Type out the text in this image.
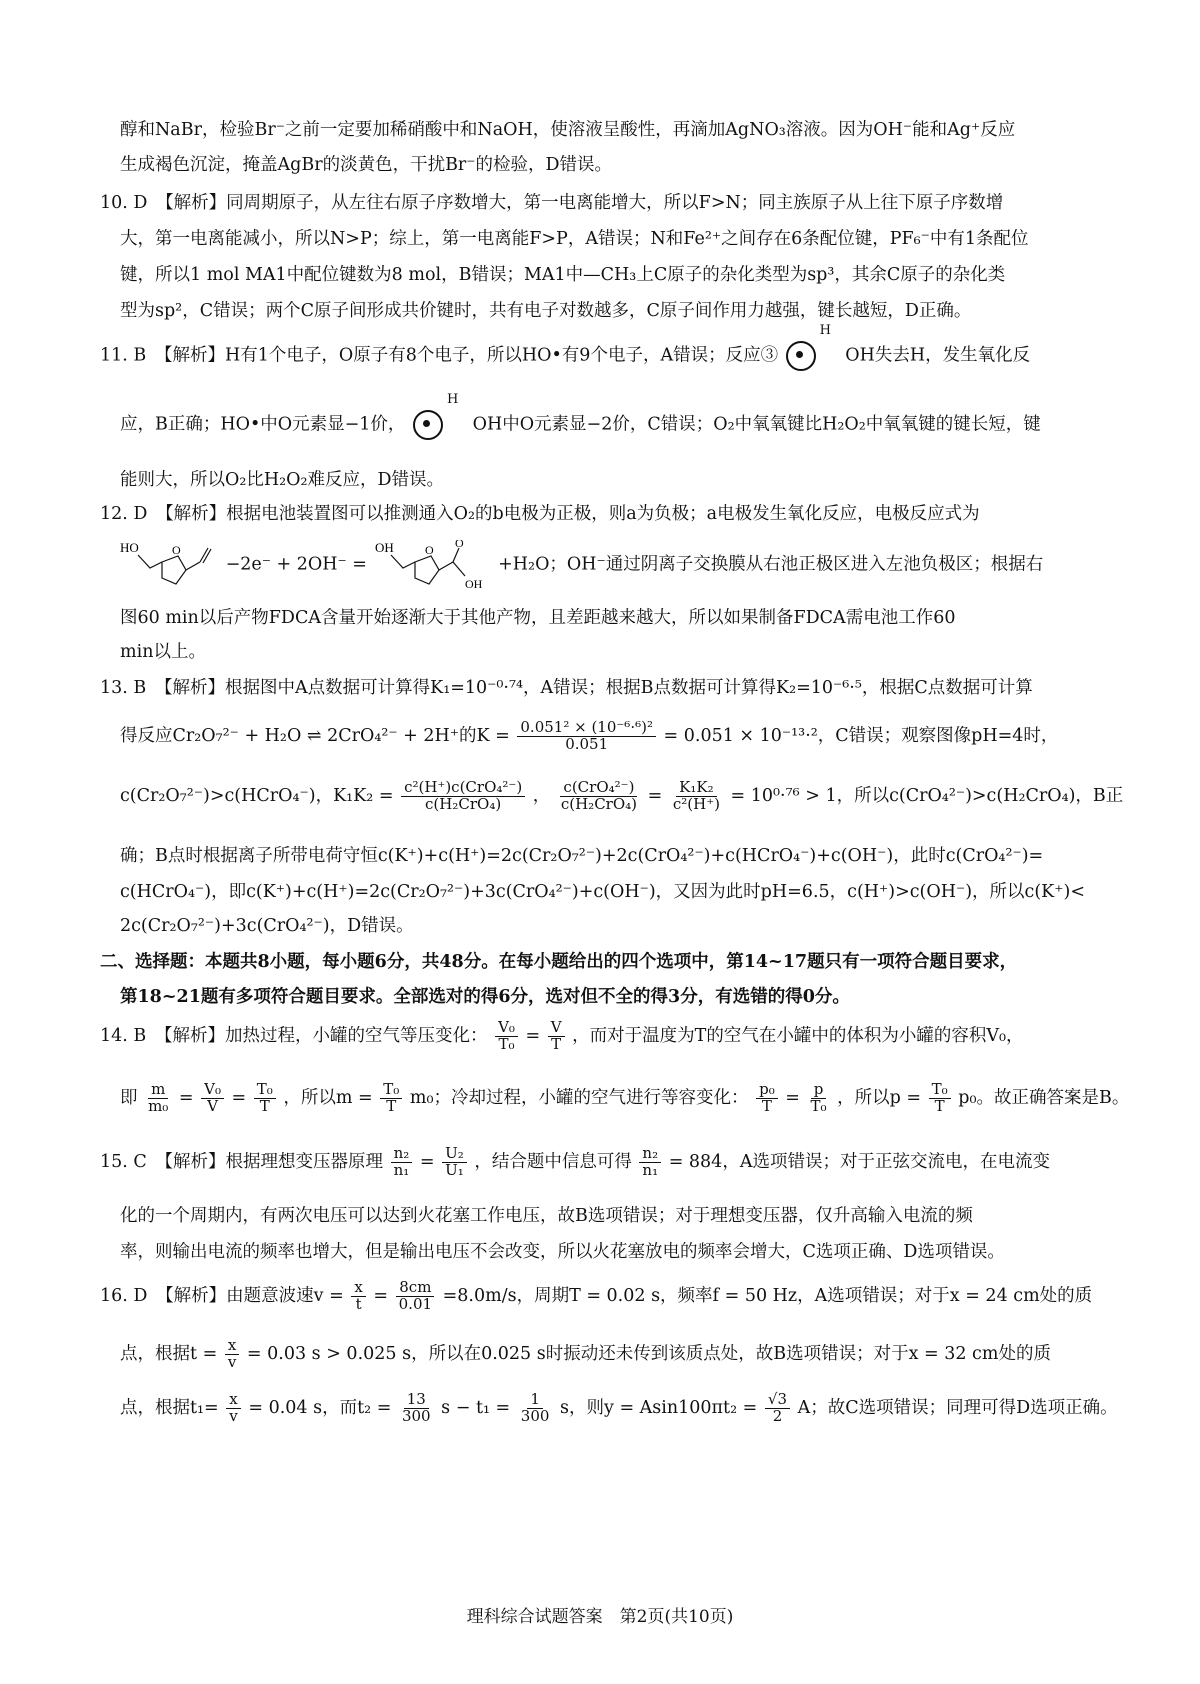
醇和NaBr，检验Br⁻之前一定要加稀硝酸中和NaOH，使溶液呈酸性，再滴加AgNO₃溶液。因为OH⁻能和Ag⁺反应
生成褐色沉淀，掩盖AgBr的淡黄色，干扰Br⁻的检验，D错误。
10. D　【解析】同周期原子，从左往右原子序数增大，第一电离能增大，所以F>N；同主族原子从上往下原子序数增
大，第一电离能减小，所以N>P；综上，第一电离能F>P，A错误；N和Fe²⁺之间存在6条配位键，PF₆⁻中有1条配位
键，所以1 mol MA1中配位键数为8 mol，B错误；MA1中—CH₃上C原子的杂化类型为sp³，其余C原子的杂化类
型为sp²，C错误；两个C原子间形成共价键时，共有电子对数越多，C原子间作用力越强，键长越短，D正确。
11. B　【解析】H有1个电子，O原子有8个电子，所以HO•有9个电子，A错误；反应③
H
OH失去H，发生氧化反
应，B正确；HO•中O元素显−1价，
H
OH中O元素显−2价，C错误；O₂中氧氧键比H₂O₂中氧氧键的键长短，键
能则大，所以O₂比H₂O₂难反应，D错误。
12. D　【解析】根据电池装置图可以推测通入O₂的b电极为正极，则a为负极；a电极发生氧化反应，电极反应式为
HO	O
−2e⁻ + 2OH⁻ =
OH	O O
OH
+H₂O；OH⁻通过阴离子交换膜从右池正极区进入左池负极区；根据右
图60 min以后产物FDCA含量开始逐渐大于其他产物，且差距越来越大，所以如果制备FDCA需电池工作60
min以上。
13. B　【解析】根据图中A点数据可计算得K₁=10⁻⁰·⁷⁴，A错误；根据B点数据可计算得K₂=10⁻⁶·⁵，根据C点数据可计算
得反应Cr₂O₇²⁻ + H₂O ⇌ 2CrO₄²⁻ + 2H⁺的$K = \frac{\text{0.051² × (10⁻⁶·⁶)²}}{0.051} = 0.051 \times 10^{-13}\cdot^2$，C错误；观察图像pH=4时，
c(Cr₂O₇²⁻)>c(HCrO₄⁻)，$K_1K_2 = \frac{\text{c²(H⁺)c(CrO₄²⁻)}}{\text{c(H₂CrO₄)}}$ ， $\frac{\text{c(CrO₄²⁻)}}{\text{c(H₂CrO₄)}} = \frac{\text{K₁K₂}}{\text{c²(H⁺)}} = 10^0\cdot^{76} > 1$，所以c(CrO₄²⁻)>c(H₂CrO₄)，B正
确；B点时根据离子所带电荷守恒c(K⁺)+c(H⁺)=2c(Cr₂O₇²⁻)+2c(CrO₄²⁻)+c(HCrO₄⁻)+c(OH⁻)，此时c(CrO₄²⁻)=
c(HCrO₄⁻)，即c(K⁺)+c(H⁺)=2c(Cr₂O₇²⁻)+3c(CrO₄²⁻)+c(OH⁻)，又因为此时pH=6.5，c(H⁺)>c(OH⁻)，所以c(K⁺)<
2c(Cr₂O₇²⁻)+3c(CrO₄²⁻)，D错误。
二、选择题：本题共8小题，每小题6分，共48分。在每小题给出的四个选项中，第14~17题只有一项符合题目要求，
第18~21题有多项符合题目要求。全部选对的得6分，选对但不全的得3分，有选错的得0分。
14. B　【解析】加热过程，小罐的空气等压变化： $\frac{\text{V₀}}{\text{T₀}} = \frac{V}{T}$ ，而对于温度为T的空气在小罐中的体积为小罐的容积V₀，
即 $\frac{m}{\text{m₀}} = \frac{\text{V₀}}{V} = \frac{\text{T₀}}{T}$ ，所以$m = \frac{\text{T₀}}{T} m_0$；冷却过程，小罐的空气进行等容变化： $\frac{\text{p₀}}{T} = \frac{p}{\text{T₀}}$ ，所以$p = \frac{\text{T₀}}{T} p_0$。故正确答案是B。
15. C　【解析】根据理想变压器原理 $\frac{\text{n₂}}{\text{n₁}} = \frac{\text{U₂}}{\text{U₁}}$ ，结合题中信息可得 $\frac{\text{n₂}}{\text{n₁}} = 884$，A选项错误；对于正弦交流电，在电流变
化的一个周期内，有两次电压可以达到火花塞工作电压，故B选项错误；对于理想变压器，仅升高输入电流的频
率，则输出电流的频率也增大，但是输出电压不会改变，所以火花塞放电的频率会增大，C选项正确、D选项错误。
16. D　【解析】由题意波速$v = \frac{x}{t} = \frac{8cm}{0.01} =8.0m/s$，周期T = 0.02 s，频率f = 50 Hz，A选项错误；对于x = 24 cm处的质
点，根据$t = \frac{x}{v} = 0.03$ s > 0.025 s，所以在0.025 s时振动还未传到该质点处，故B选项错误；对于x = 32 cm处的质
点，根据$t_1= \frac{x}{v} = 0.04$ s，而$t_2 = \frac{13}{300}$ $s - t_1 = \frac{1}{300}$ s，则$y = Asin100\pi t_2 = \frac{√3}{2}$ A；故C选项错误；同理可得D选项正确。
理科综合试题答案　第2页(共10页)
